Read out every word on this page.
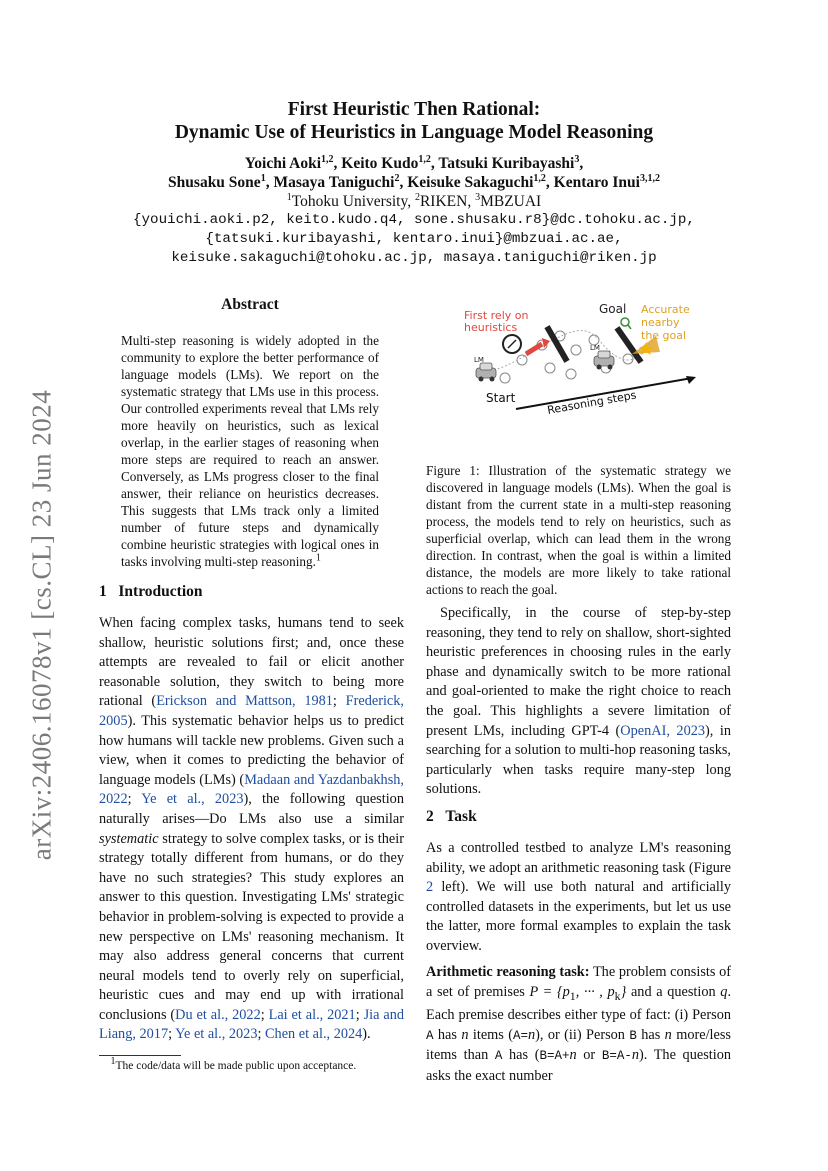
arXiv:2406.16078v1 [cs.CL] 23 Jun 2024
First Heuristic Then Rational:
Dynamic Use of Heuristics in Language Model Reasoning
Yoichi Aoki$^{1,2}$, Keito Kudo$^{1,2}$, Tatsuki Kuribayashi$^3$,
Shusaku Sone$^1$, Masaya Taniguchi$^2$, Keisuke Sakaguchi$^{1,2}$, Kentaro Inui$^{3,1,2}$
$^1$Tohoku University, $^2$RIKEN, $^3$MBZUAI
{youichi.aoki.p2, keito.kudo.q4, sone.shusaku.r8}@dc.tohoku.ac.jp,
{tatsuki.kuribayashi, kentaro.inui}@mbzuai.ac.ae,
keisuke.sakaguchi@tohoku.ac.jp, masaya.taniguchi@riken.jp
Abstract
Multi-step reasoning is widely adopted in the community to explore the better performance of language models (LMs). We report on the systematic strategy that LMs use in this process. Our controlled experiments reveal that LMs rely more heavily on heuristics, such as lexical overlap, in the earlier stages of reasoning when more steps are required to reach an answer. Conversely, as LMs progress closer to the final answer, their reliance on heuristics decreases. This suggests that LMs track only a limited number of future steps and dynamically combine heuristic strategies with logical ones in tasks involving multi-step reasoning.$^1$
First rely on
heuristics
Goal Accurate
nearby
the goal
LM
LM
Start	Reasoning steps
Figure 1: Illustration of the systematic strategy we discovered in language models (LMs). When the goal is distant from the current state in a multi-step reasoning process, the models tend to rely on heuristics, such as superficial overlap, which can lead them in the wrong direction. In contrast, when the goal is within a limited distance, the models are more likely to take rational actions to reach the goal.
1 Introduction
When facing complex tasks, humans tend to seek shallow, heuristic solutions first; and, once these attempts are revealed to fail or elicit another reasonable solution, they switch to being more rational (Erickson and Mattson, 1981; Frederick, 2005). This systematic behavior helps us to predict how humans will tackle new problems. Given such a view, when it comes to predicting the behavior of language models (LMs) (Madaan and Yazdanbakhsh, 2022; Ye et al., 2023), the following question naturally arises—Do LMs also use a similar systematic strategy to solve complex tasks, or is their strategy totally different from humans, or do they have no such strategies? This study explores an answer to this question. Investigating LMs' strategic behavior in problem-solving is expected to provide a new perspective on LMs' reasoning mechanism. It may also address general concerns that current neural models tend to overly rely on superficial, heuristic cues and may end up with irrational conclusions (Du et al., 2022; Lai et al., 2021; Jia and Liang, 2017; Ye et al., 2023; Chen et al., 2024).
$^1$The code/data will be made public upon acceptance.
Specifically, in the course of step-by-step reasoning, they tend to rely on shallow, short-sighted heuristic preferences in choosing rules in the early phase and dynamically switch to be more rational and goal-oriented to make the right choice to reach the goal. This highlights a severe limitation of present LMs, including GPT-4 (OpenAI, 2023), in searching for a solution to multi-hop reasoning tasks, particularly when tasks require many-step long solutions.
2 Task
As a controlled testbed to analyze LM's reasoning ability, we adopt an arithmetic reasoning task (Figure 2 left). We will use both natural and artificially controlled datasets in the experiments, but let us use the latter, more formal examples to explain the task overview.
Arithmetic reasoning task: The problem consists of a set of premises $P = \{p_1$, ··· , $p_k$} and a question q. Each premise describes either type of fact: (i) Person A has n items (A=n), or (ii) Person B has n more/less items than A has (B=A+n or B=A-n). The question asks the exact number
